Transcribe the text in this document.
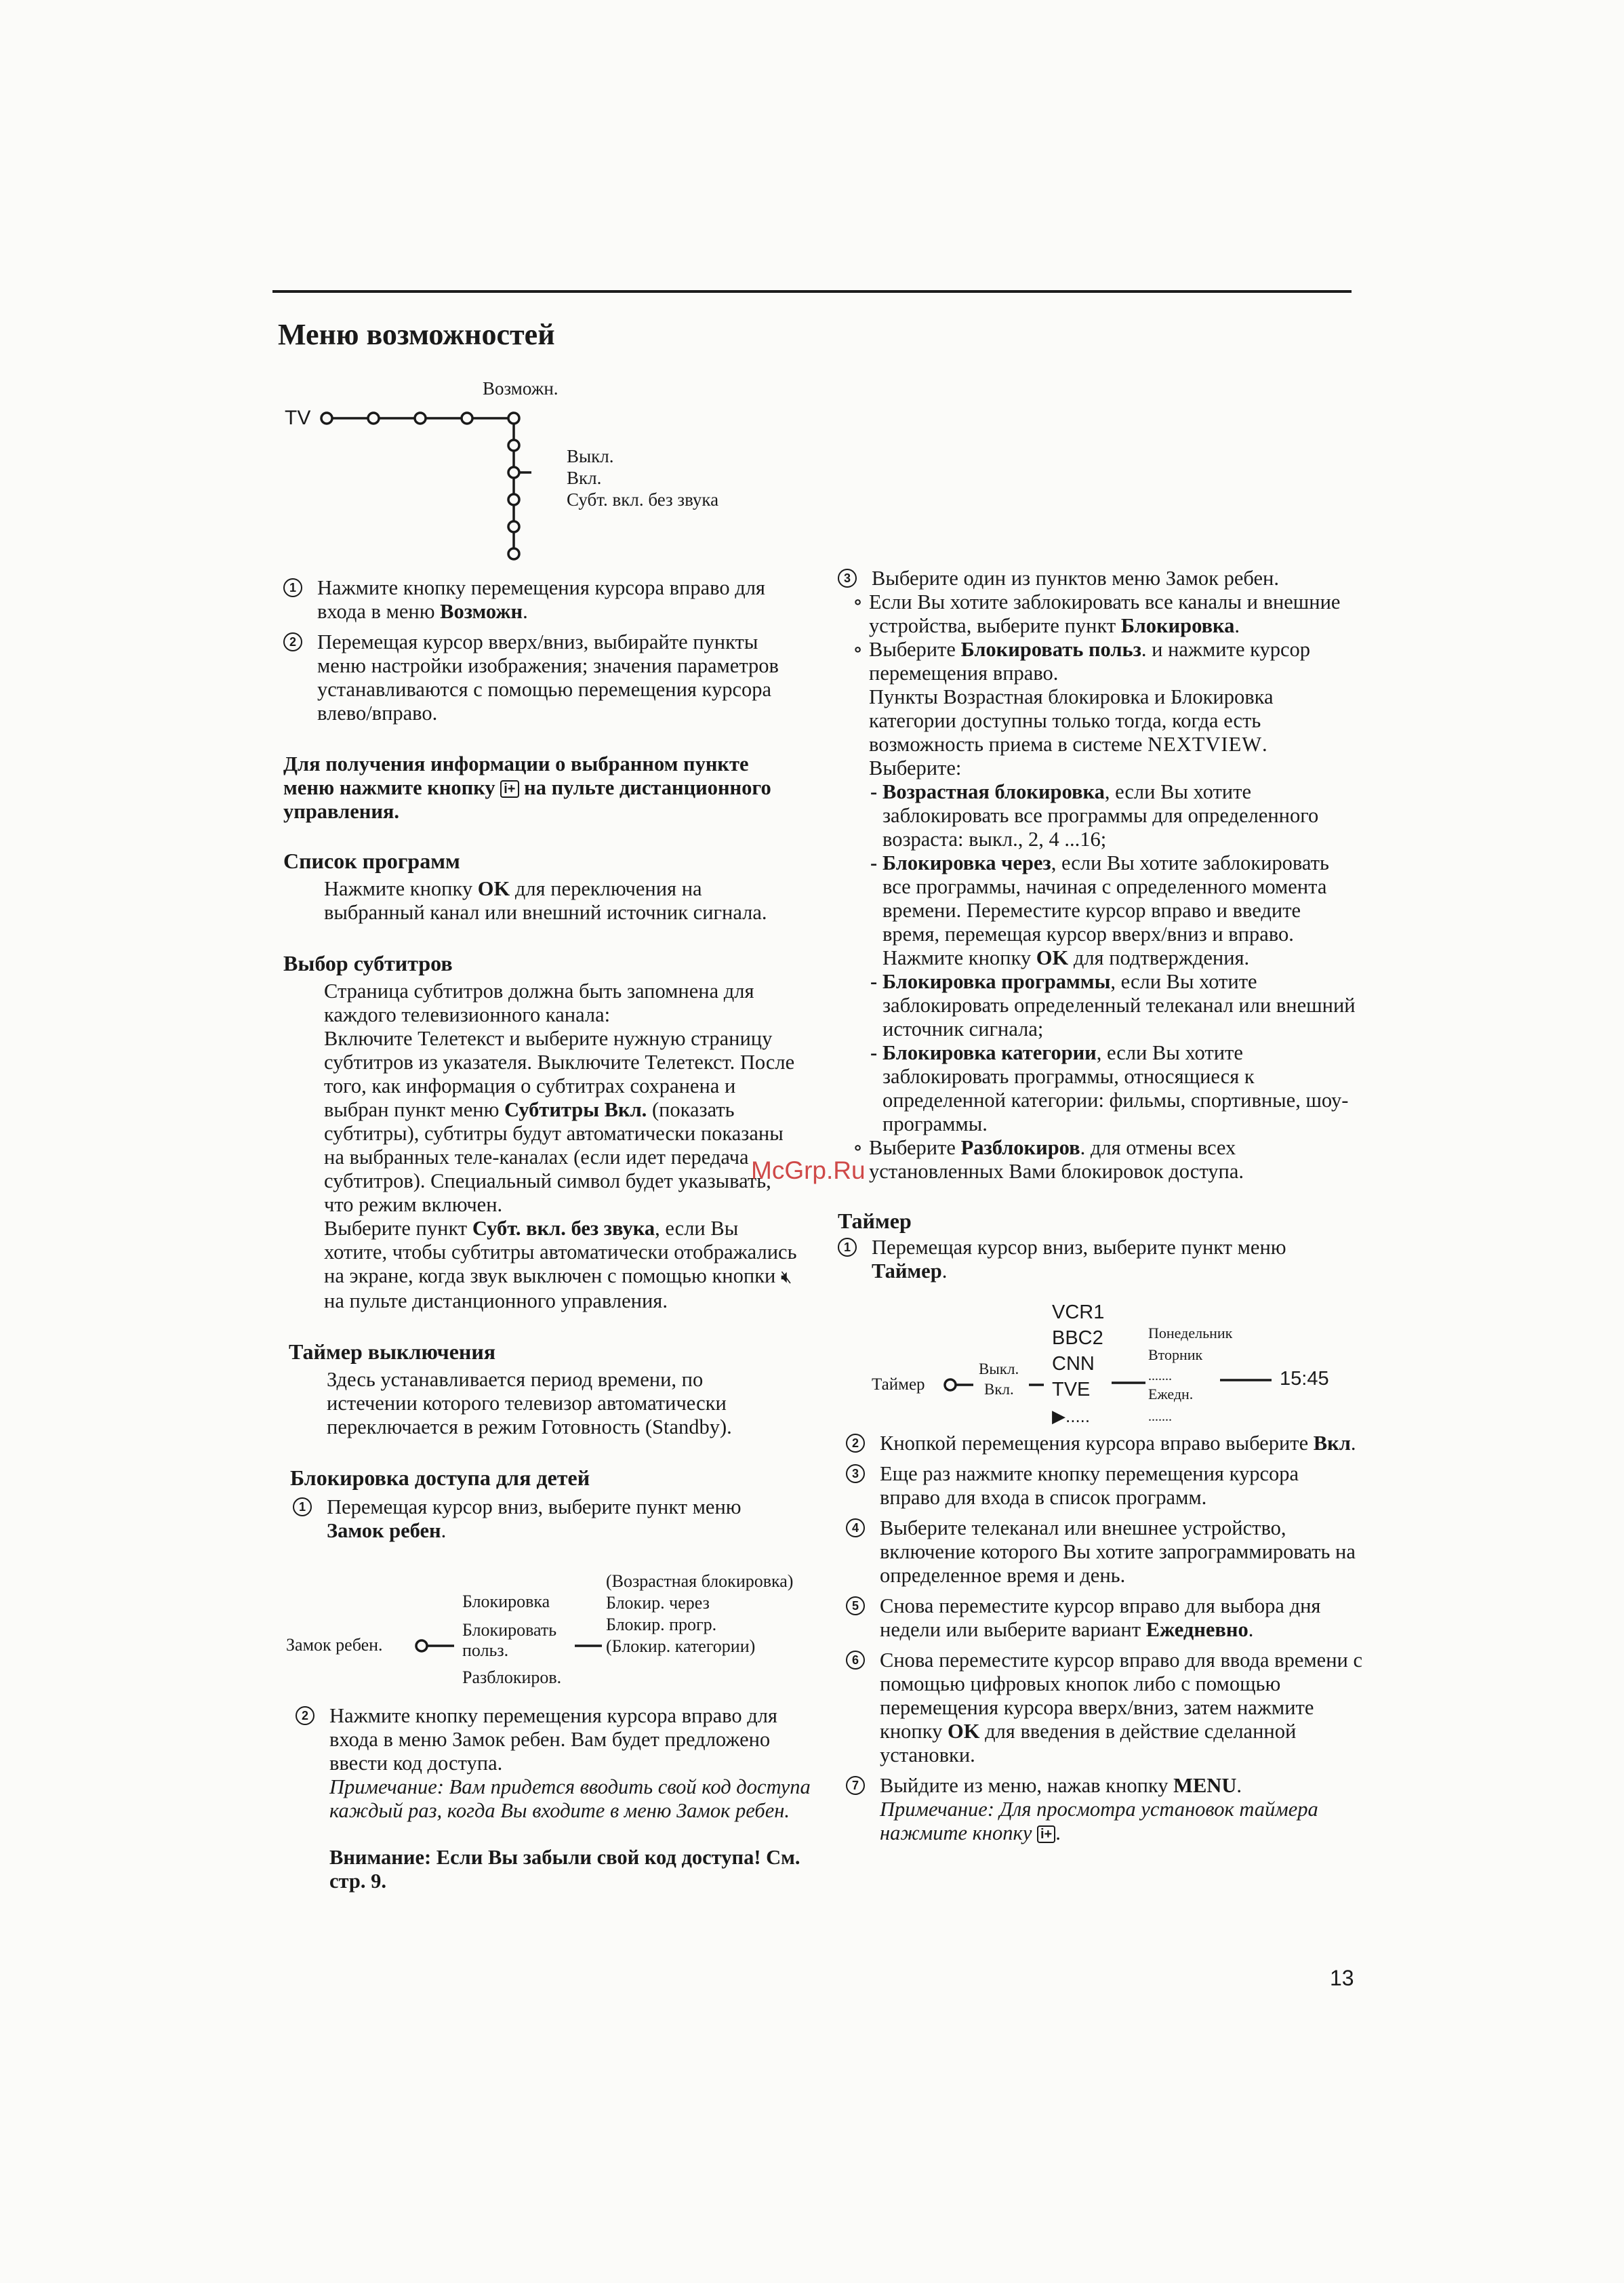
Меню возможностей
TV
Возможн.
Выкл.
Вкл.
Субт. вкл. без звука

1 Нажмите кнопку перемещения курсора вправо для входа в меню Возможн.

2 Перемещая курсор вверх/вниз, выбирайте пункты меню настройки изображения; значения параметров устанавливаются с помощью перемещения курсора влево/вправо.

Для получения информации о выбранном пункте меню нажмите кнопку i+ на пульте дистанционного управления.

Список программ

Нажмите кнопку OK для переключения на выбранный канал или внешний источник сигнала.

Выбор субтитров

Страница субтитров должна быть запомнена для каждого телевизионного канала:

Включите Телетекст и выберите нужную страницу субтитров из указателя. Выключите Телетекст. После того, как информация о субтитрах сохранена и выбран пункт меню Субтитры Вкл. (показать субтитры), субтитры будут автоматически показаны на выбранных теле-каналах (если идет передача субтитров). Специальный символ будет указывать, что режим включен.

Выберите пункт Субт. вкл. без звука, если Вы хотите, чтобы субтитры автоматически отображались на экране, когда звук выключен с помощью кнопки 🔇︎ на пульте дистанционного управления.

Таймер выключения

Здесь устанавливается период времени, по истечении которого телевизор автоматически переключается в режим Готовность (Standby).

Блокировка доступа для детей

1 Перемещая курсор вниз, выберите пункт меню Замок ребен.

Замок ребен.
Блокировка
Блокировать польз.
Разблокиров.
(Возрастная блокировка)
Блокир. через
Блокир. прогр.
(Блокир. категории)

2 Нажмите кнопку перемещения курсора вправо для входа в меню Замок ребен. Вам будет предложено ввести код доступа.
Примечание: Вам придется вводить свой код доступа каждый раз, когда Вы входите в меню Замок ребен.

Внимание: Если Вы забыли свой код доступа! См. стр. 9.

3 Выберите один из пунктов меню Замок ребен.

∘ Если Вы хотите заблокировать все каналы и внешние устройства, выберите пункт Блокировка.

∘ Выберите Блокировать польз. и нажмите курсор перемещения вправо.
Пункты Возрастная блокировка и Блокировка категории доступны только тогда, когда есть возможность приема в системе NEXTVIEW.
Выберите:

- Возрастная блокировка, если Вы хотите заблокировать все программы для определенного возраста: выкл., 2, 4 ...16;

- Блокировка через, если Вы хотите заблокировать все программы, начиная с определенного момента времени. Переместите курсор вправо и введите время, перемещая курсор вверх/вниз и вправо. Нажмите кнопку OK для подтверждения.

- Блокировка программы, если Вы хотите заблокировать определенный телеканал или внешний источник сигнала;

- Блокировка категории, если Вы хотите заблокировать программы, относящиеся к определенной категории: фильмы, спортивные, шоу-программы.

∘ Выберите Разблокиров. для отмены всех установленных Вами блокировок доступа.

Таймер

1 Перемещая курсор вниз, выберите пункт меню Таймер.

Таймер
Выкл.
Вкл.
VCR1
BBC2
CNN
TVE
▶.....
Понедельник
Вторник
.......
Ежедн.
.......
15:45

2 Кнопкой перемещения курсора вправо выберите Вкл.

3 Еще раз нажмите кнопку перемещения курсора вправо для входа в список программ.

4 Выберите телеканал или внешнее устройство, включение которого Вы хотите запрограммировать на определенное время и день.

5 Снова переместите курсор вправо для выбора дня недели или выберите вариант Ежедневно.

6 Снова переместите курсор вправо для ввода времени с помощью цифровых кнопок либо с помощью перемещения курсора вверх/вниз, затем нажмите кнопку OK для введения в действие сделанной установки.

7 Выйдите из меню, нажав кнопку MENU.
Примечание: Для просмотра установок таймера нажмите кнопку i+ .

McGrp.Ru
13
